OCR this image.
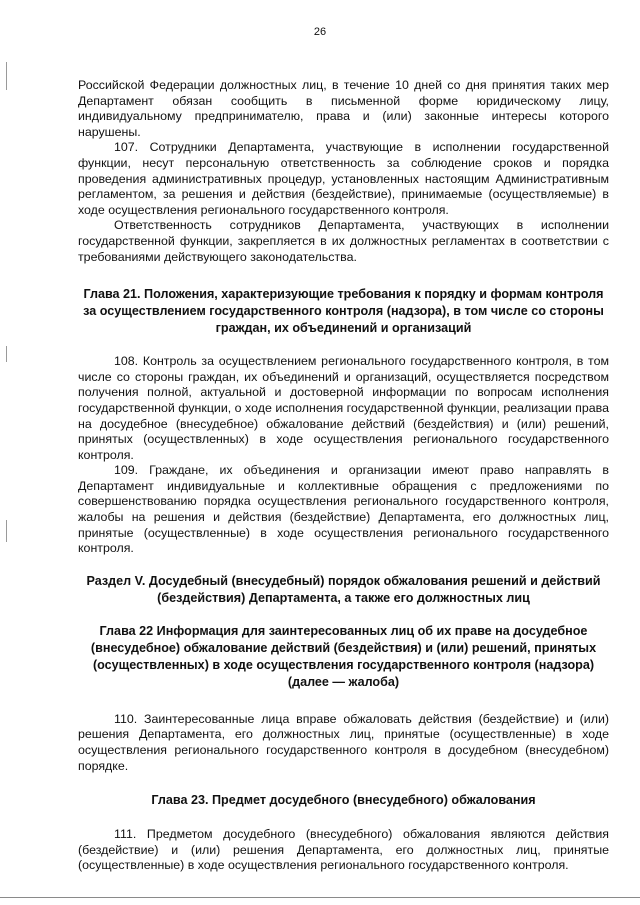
26

Российской Федерации должностных лиц, в течение 10 дней со дня принятия таких мер Департамент обязан сообщить в письменной форме юридическому лицу, индивидуальному предпринимателю, права и (или) законные интересы которого нарушены.

107. Сотрудники Департамента, участвующие в исполнении государственной функции, несут персональную ответственность за соблюдение сроков и порядка проведения административных процедур, установленных настоящим Административным регламентом, за решения и действия (бездействие), принимаемые (осуществляемые) в ходе осуществления регионального государственного контроля.

Ответственность сотрудников Департамента, участвующих в исполнении государственной функции, закрепляется в их должностных регламентах в соответствии с требованиями действующего законодательства.

Глава 21. Положения, характеризующие требования к порядку и формам контроля за осуществлением государственного контроля (надзора), в том числе со стороны граждан, их объединений и организаций

108. Контроль за осуществлением регионального государственного контроля, в том числе со стороны граждан, их объединений и организаций, осуществляется посредством получения полной, актуальной и достоверной информации по вопросам исполнения государственной функции, о ходе исполнения государственной функции, реализации права на досудебное (внесудебное) обжалование действий (бездействия) и (или) решений, принятых (осуществленных) в ходе осуществления регионального государственного контроля.

109. Граждане, их объединения и организации имеют право направлять в Департамент индивидуальные и коллективные обращения с предложениями по совершенствованию порядка осуществления регионального государственного контроля, жалобы на решения и действия (бездействие) Департамента, его должностных лиц, принятые (осуществленные) в ходе осуществления регионального государственного контроля.

Раздел V. Досудебный (внесудебный) порядок обжалования решений и действий (бездействия) Департамента, а также его должностных лиц

Глава 22 Информация для заинтересованных лиц об их праве на досудебное (внесудебное) обжалование действий (бездействия) и (или) решений, принятых (осуществленных) в ходе осуществления государственного контроля (надзора) (далее — жалоба)

110. Заинтересованные лица вправе обжаловать действия (бездействие) и (или) решения Департамента, его должностных лиц, принятые (осуществленные) в ходе осуществления регионального государственного контроля в досудебном (внесудебном) порядке.

Глава 23. Предмет досудебного (внесудебного) обжалования

111. Предметом досудебного (внесудебного) обжалования являются действия (бездействие) и (или) решения Департамента, его должностных лиц, принятые (осуществленные) в ходе осуществления регионального государственного контроля.
